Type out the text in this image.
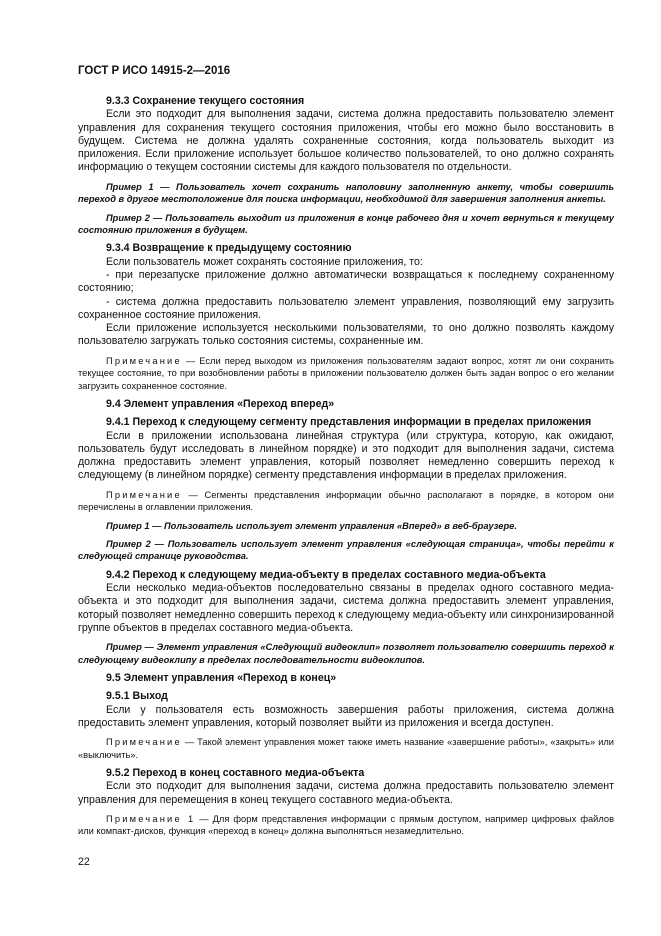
ГОСТ Р ИСО 14915-2—2016

9.3.3 Сохранение текущего состояния

Если это подходит для выполнения задачи, система должна предоставить пользователю элемент управления для сохранения текущего состояния приложения, чтобы его можно было восстановить в будущем. Система не должна удалять сохраненные состояния, когда пользователь выходит из приложения. Если приложение использует большое количество пользователей, то оно должно сохранять информацию о текущем состоянии системы для каждого пользователя по отдельности.

Пример 1 — Пользователь хочет сохранить наполовину заполненную анкету, чтобы совершить переход в другое местоположение для поиска информации, необходимой для завершения заполнения анкеты.

Пример 2 — Пользователь выходит из приложения в конце рабочего дня и хочет вернуться к текущему состоянию приложения в будущем.

9.3.4 Возвращение к предыдущему состоянию

Если пользователь может сохранять состояние приложения, то:

- при перезапуске приложение должно автоматически возвращаться к последнему сохраненному состоянию;

- система должна предоставить пользователю элемент управления, позволяющий ему загрузить сохраненное состояние приложения.

Если приложение используется несколькими пользователями, то оно должно позволять каждому пользователю загружать только состояния системы, сохраненные им.

Примечание — Если перед выходом из приложения пользователям задают вопрос, хотят ли они сохранить текущее состояние, то при возобновлении работы в приложении пользователю должен быть задан вопрос о его желании загрузить сохраненное состояние.

9.4 Элемент управления «Переход вперед»

9.4.1 Переход к следующему сегменту представления информации в пределах приложения

Если в приложении использована линейная структура (или структура, которую, как ожидают, пользователь будут исследовать в линейном порядке) и это подходит для выполнения задачи, система должна предоставить элемент управления, который позволяет немедленно совершить переход к следующему (в линейном порядке) сегменту представления информации в пределах приложения.

Примечание — Сегменты представления информации обычно располагают в порядке, в котором они перечислены в оглавлении приложения.

Пример 1 — Пользователь использует элемент управления «Вперед» в веб-браузере.

Пример 2 — Пользователь использует элемент управления «следующая страница», чтобы перейти к следующей странице руководства.

9.4.2 Переход к следующему медиа-объекту в пределах составного медиа-объекта

Если несколько медиа-объектов последовательно связаны в пределах одного составного медиа-объекта и это подходит для выполнения задачи, система должна предоставить элемент управления, который позволяет немедленно совершить переход к следующему медиа-объекту или синхронизированной группе объектов в пределах составного медиа-объекта.

Пример — Элемент управления «Следующий видеоклип» позволяет пользователю совершить переход к следующему видеоклипу в пределах последовательности видеоклипов.

9.5 Элемент управления «Переход в конец»

9.5.1 Выход

Если у пользователя есть возможность завершения работы приложения, система должна предоставить элемент управления, который позволяет выйти из приложения и всегда доступен.

Примечание — Такой элемент управления может также иметь название «завершение работы», «закрыть» или «выключить».

9.5.2 Переход в конец составного медиа-объекта

Если это подходит для выполнения задачи, система должна предоставить пользователю элемент управления для перемещения в конец текущего составного медиа-объекта.

Примечание 1 — Для форм представления информации с прямым доступом, например цифровых файлов или компакт-дисков, функция «переход в конец» должна выполняться незамедлительно.

22
